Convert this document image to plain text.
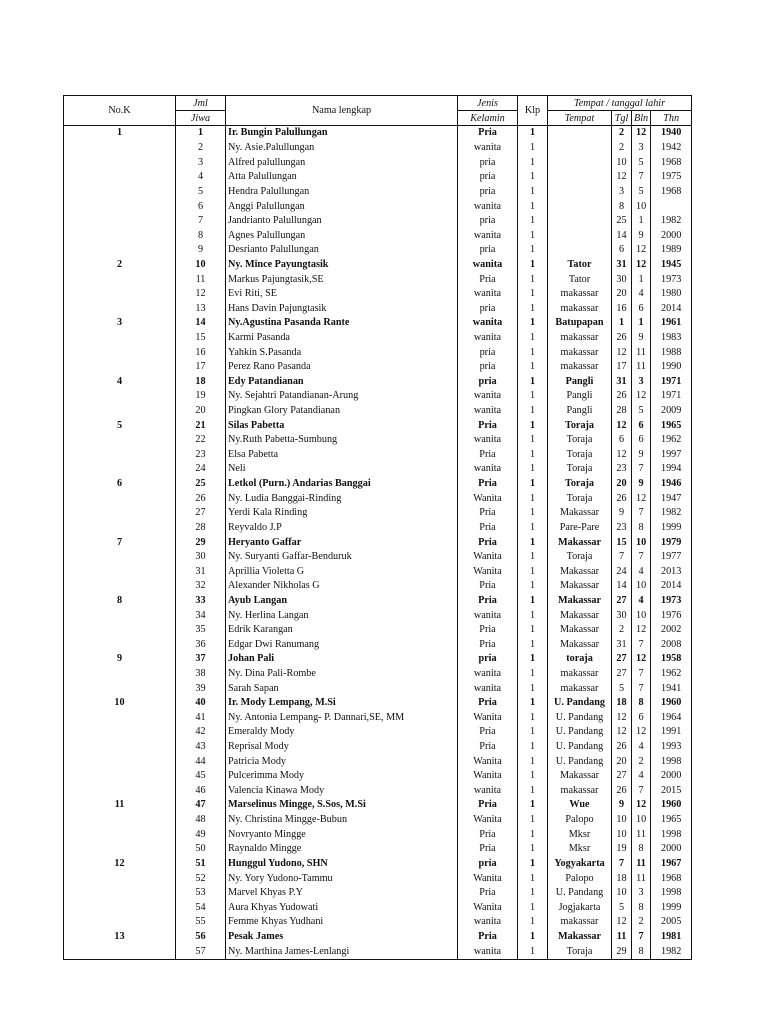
No.K	Jml	Nama lengkap	Jenis	Klp	Tempat / tanggal lahir			
	Jiwa		Kelamin		Tempat	Tgl	Bln	Thn
1	1	Ir. Bungin Palullungan	Pria	1		2	12	1940
	2	Ny. Asie.Palullungan	wanita	1		2	3	1942
	3	Alfred palullungan	pria	1		10	5	1968
	4	Atta Palullungan	pria	1		12	7	1975
	5	Hendra Palullungan	pria	1		3	5	1968
	6	Anggi Palullungan	wanita	1		8	10	
	7	Jandrianto Palullungan	pria	1		25	1	1982
	8	Agnes Palullungan	wanita	1		14	9	2000
	9	Desrianto Palullungan	pria	1		6	12	1989
2	10	Ny. Mince Payungtasik	wanita	1	Tator	31	12	1945
	11	Markus Pajungtasik,SE	Pria	1	Tator	30	1	1973
	12	Evi Riti, SE	wanita	1	makassar	20	4	1980
	13	Hans Davin Pajungtasik	pria	1	makassar	16	6	2014
3	14	Ny.Agustina Pasanda Rante	wanita	1	Batupapan	1	1	1961
	15	Karmi Pasanda	wanita	1	makassar	26	9	1983
	16	Yahkin S.Pasanda	pria	1	makassar	12	11	1988
	17	Perez Rano Pasanda	pria	1	makassar	17	11	1990
4	18	Edy Patandianan	pria	1	Pangli	31	3	1971
	19	Ny. Sejahtri Patandianan-Arung	wanita	1	Pangli	26	12	1971
	20	Pingkan Glory Patandianan	wanita	1	Pangli	28	5	2009
5	21	Silas Pabetta	Pria	1	Toraja	12	6	1965
	22	Ny.Ruth Pabetta-Sumbung	wanita	1	Toraja	6	6	1962
	23	Elsa Pabetta	Pria	1	Toraja	12	9	1997
	24	Neli	wanita	1	Toraja	23	7	1994
6	25	Letkol (Purn.) Andarias Banggai	Pria	1	Toraja	20	9	1946
	26	Ny. Ludia Banggai-Rinding	Wanita	1	Toraja	26	12	1947
	27	Yerdi Kala Rinding	Pria	1	Makassar	9	7	1982
	28	Reyvaldo J.P	Pria	1	Pare-Pare	23	8	1999
7	29	Heryanto Gaffar	Pria	1	Makassar	15	10	1979
	30	Ny. Suryanti Gaffar-Benduruk	Wanita	1	Toraja	7	7	1977
	31	Aprillia Violetta G	Wanita	1	Makassar	24	4	2013
	32	Alexander Nikholas G	Pria	1	Makassar	14	10	2014
8	33	Ayub Langan	Pria	1	Makassar	27	4	1973
	34	Ny. Herlina Langan	wanita	1	Makassar	30	10	1976
	35	Edrik Karangan	Pria	1	Makassar	2	12	2002
	36	Edgar Dwi Ranumang	Pria	1	Makassar	31	7	2008
9	37	Johan Pali	pria	1	toraja	27	12	1958
	38	Ny. Dina Pali-Rombe	wanita	1	makassar	27	7	1962
	39	Sarah Sapan	wanita	1	makassar	5	7	1941
10	40	Ir. Mody Lempang, M.Si	Pria	1	U. Pandang	18	8	1960
	41	Ny. Antonia Lempang- P. Dannari,SE, MM	Wanita	1	U. Pandang	12	6	1964
	42	Emeraldy Mody	Pria	1	U. Pandang	12	12	1991
	43	Reprisal Mody	Pria	1	U. Pandang	26	4	1993
	44	Patricia Mody	Wanita	1	U. Pandang	20	2	1998
	45	Pulcerimma Mody	Wanita	1	Makassar	27	4	2000
	46	Valencia Kinawa Mody	wanita	1	makassar	26	7	2015
11	47	Marselinus Mingge, S.Sos, M.Si	Pria	1	Wue	9	12	1960
	48	Ny. Christina Mingge-Bubun	Wanita	1	Palopo	10	10	1965
	49	Novryanto Mingge	Pria	1	Mksr	10	11	1998
	50	Raynaldo Mingge	Pria	1	Mksr	19	8	2000
12	51	Hunggul Yudono, SHN	pria	1	Yogyakarta	7	11	1967
	52	Ny. Yory Yudono-Tammu	Wanita	1	Palopo	18	11	1968
	53	Marvel Khyas P.Y	Pria	1	U. Pandang	10	3	1998
	54	Aura Khyas Yudowati	Wanita	1	Jogjakarta	5	8	1999
	55	Femme Khyas Yudhani	wanita	1	makassar	12	2	2005
13	56	Pesak James	Pria	1	Makassar	11	7	1981
	57	Ny. Marthina James-Lenlangi	wanita	1	Toraja	29	8	1982
